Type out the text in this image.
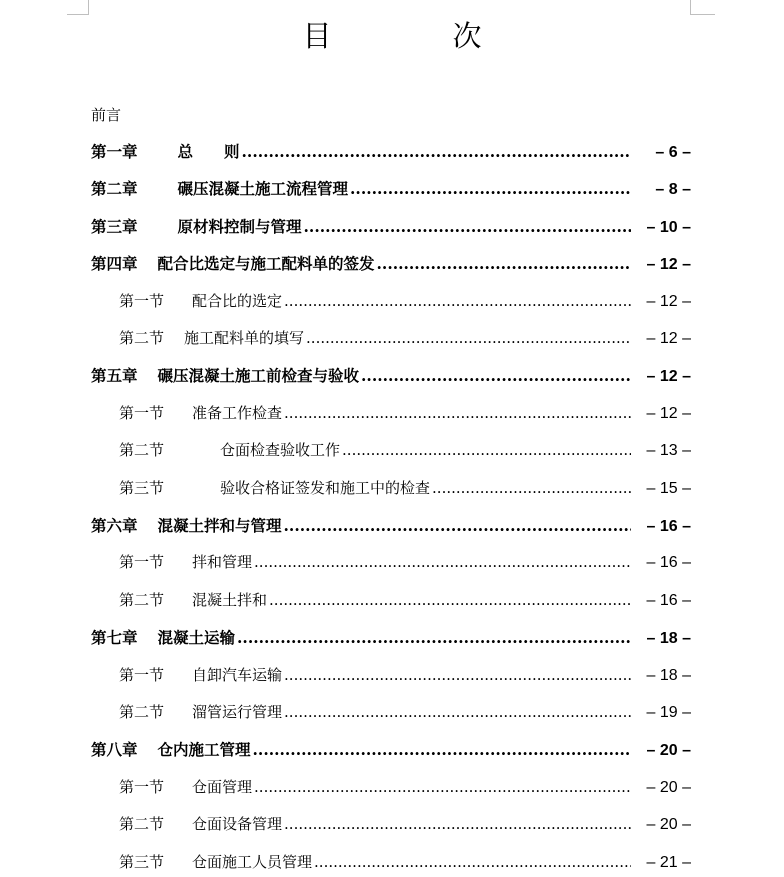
目　次
前言
第一章	总　　则 .....	– 6 –
第二章	碾压混凝土施工流程管理 .....	– 8 –
第三章	原材料控制与管理 .....	– 10 –
第四章 配合比选定与施工配料单的签发 .....	– 12 –
第一节 配合比的选定 .....	– 12 –
第二节 施工配料单的填写 .....	– 12 –
第五章 碾压混凝土施工前检查与验收 .....	– 12 –
第一节 准备工作检查 .....	– 12 –
第二节	仓面检查验收工作 .....	– 13 –
第三节	验收合格证签发和施工中的检查 .....	– 15 –
第六章 混凝土拌和与管理 .....	– 16 –
第一节 拌和管理 .....	– 16 –
第二节 混凝土拌和 .....	– 16 –
第七章 混凝土运输 .....	– 18 –
第一节 自卸汽车运输 .....	– 18 –
第二节 溜管运行管理 .....	– 19 –
第八章 仓内施工管理 .....	– 20 –
第一节 仓面管理 .....	– 20 –
第二节 仓面设备管理 .....	– 20 –
第三节 仓面施工人员管理 .....	– 21 –
